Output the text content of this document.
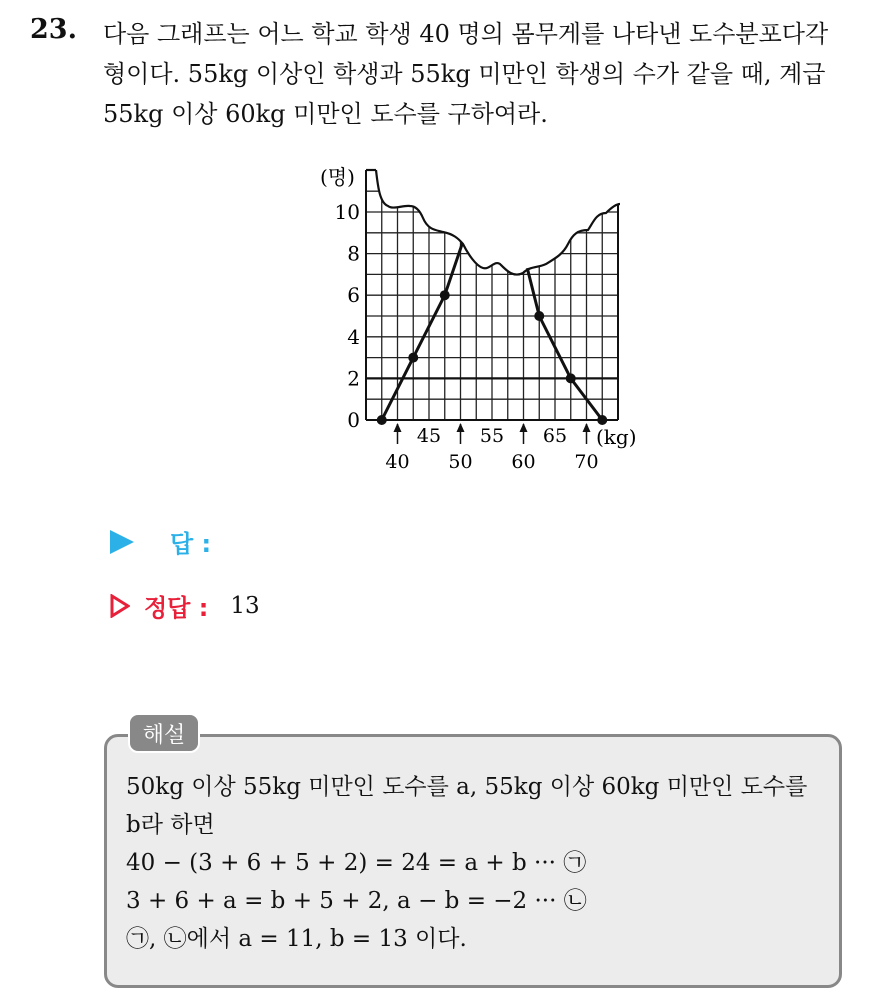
23. 다음 그래프는 어느 학교 학생 40 명의 몸무게를 나타낸 도수분포다각
형이다. 55kg 이상인 학생과 55kg 미만인 학생의 수가 같을 때, 계급
55kg 이상 60kg 미만인 도수를 구하여라.
0
2
4
6
8
10
45 55 65
40 50 60 70
(명)
(kg)
답 :
정답 : 13
해설
50kg 이상 55kg 미만인 도수를 a, 55kg 이상 60kg 미만인 도수를
b라 하면
40 − (3 + 6 + 5 + 2) = 24 = a + b ··· ㉠
3 + 6 + a = b + 5 + 2, a − b = −2 ··· ㉡
㉠, ㉡에서 a = 11, b = 13 이다.
